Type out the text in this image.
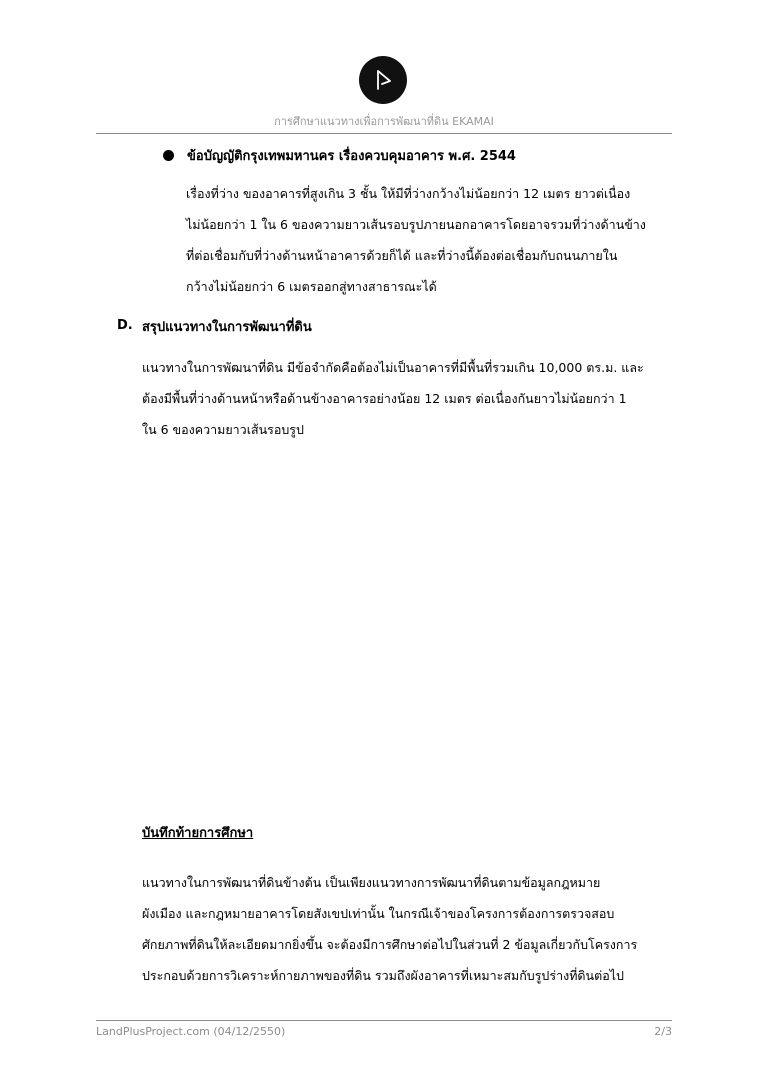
การศึกษาแนวทางเพื่อการพัฒนาที่ดิน EKAMAI
ข้อบัญญัติกรุงเทพมหานคร เรื่องควบคุมอาคาร พ.ศ. 2544
เรื่องที่ว่าง ของอาคารที่สูงเกิน 3 ชั้น ให้มีที่ว่างกว้างไม่น้อยกว่า 12 เมตร ยาวต่เนื่อง
ไม่น้อยกว่า 1 ใน 6 ของความยาวเส้นรอบรูปภายนอกอาคารโดยอาจรวมที่ว่างด้านข้าง
ที่ต่อเชื่อมกับที่ว่างด้านหน้าอาคารด้วยก็ได้ และที่ว่างนี้ต้องต่อเชื่อมกับถนนภายใน
กว้างไม่น้อยกว่า 6 เมตรออกสู่ทางสาธารณะได้
D. สรุปแนวทางในการพัฒนาที่ดิน
แนวทางในการพัฒนาที่ดิน มีข้อจำกัดคือต้องไม่เป็นอาคารที่มีพื้นที่รวมเกิน 10,000 ตร.ม. และ
ต้องมีพื้นที่ว่างด้านหน้าหรือด้านข้างอาคารอย่างน้อย 12 เมตร ต่อเนื่องกันยาวไม่น้อยกว่า 1
ใน 6 ของความยาวเส้นรอบรูป
บันทึกท้ายการศึกษา
แนวทางในการพัฒนาที่ดินข้างต้น เป็นเพียงแนวทางการพัฒนาที่ดินตามข้อมูลกฎหมาย
ผังเมือง และกฎหมายอาคารโดยสังเขปเท่านั้น ในกรณีเจ้าของโครงการต้องการตรวจสอบ
ศักยภาพที่ดินให้ละเอียดมากยิ่งขึ้น จะต้องมีการศึกษาต่อไปในส่วนที่ 2 ข้อมูลเกี่ยวกับโครงการ
ประกอบด้วยการวิเคราะห์กายภาพของที่ดิน รวมถึงผังอาคารที่เหมาะสมกับรูปร่างที่ดินต่อไป
LandPlusProject.com (04/12/2550)	2/3
